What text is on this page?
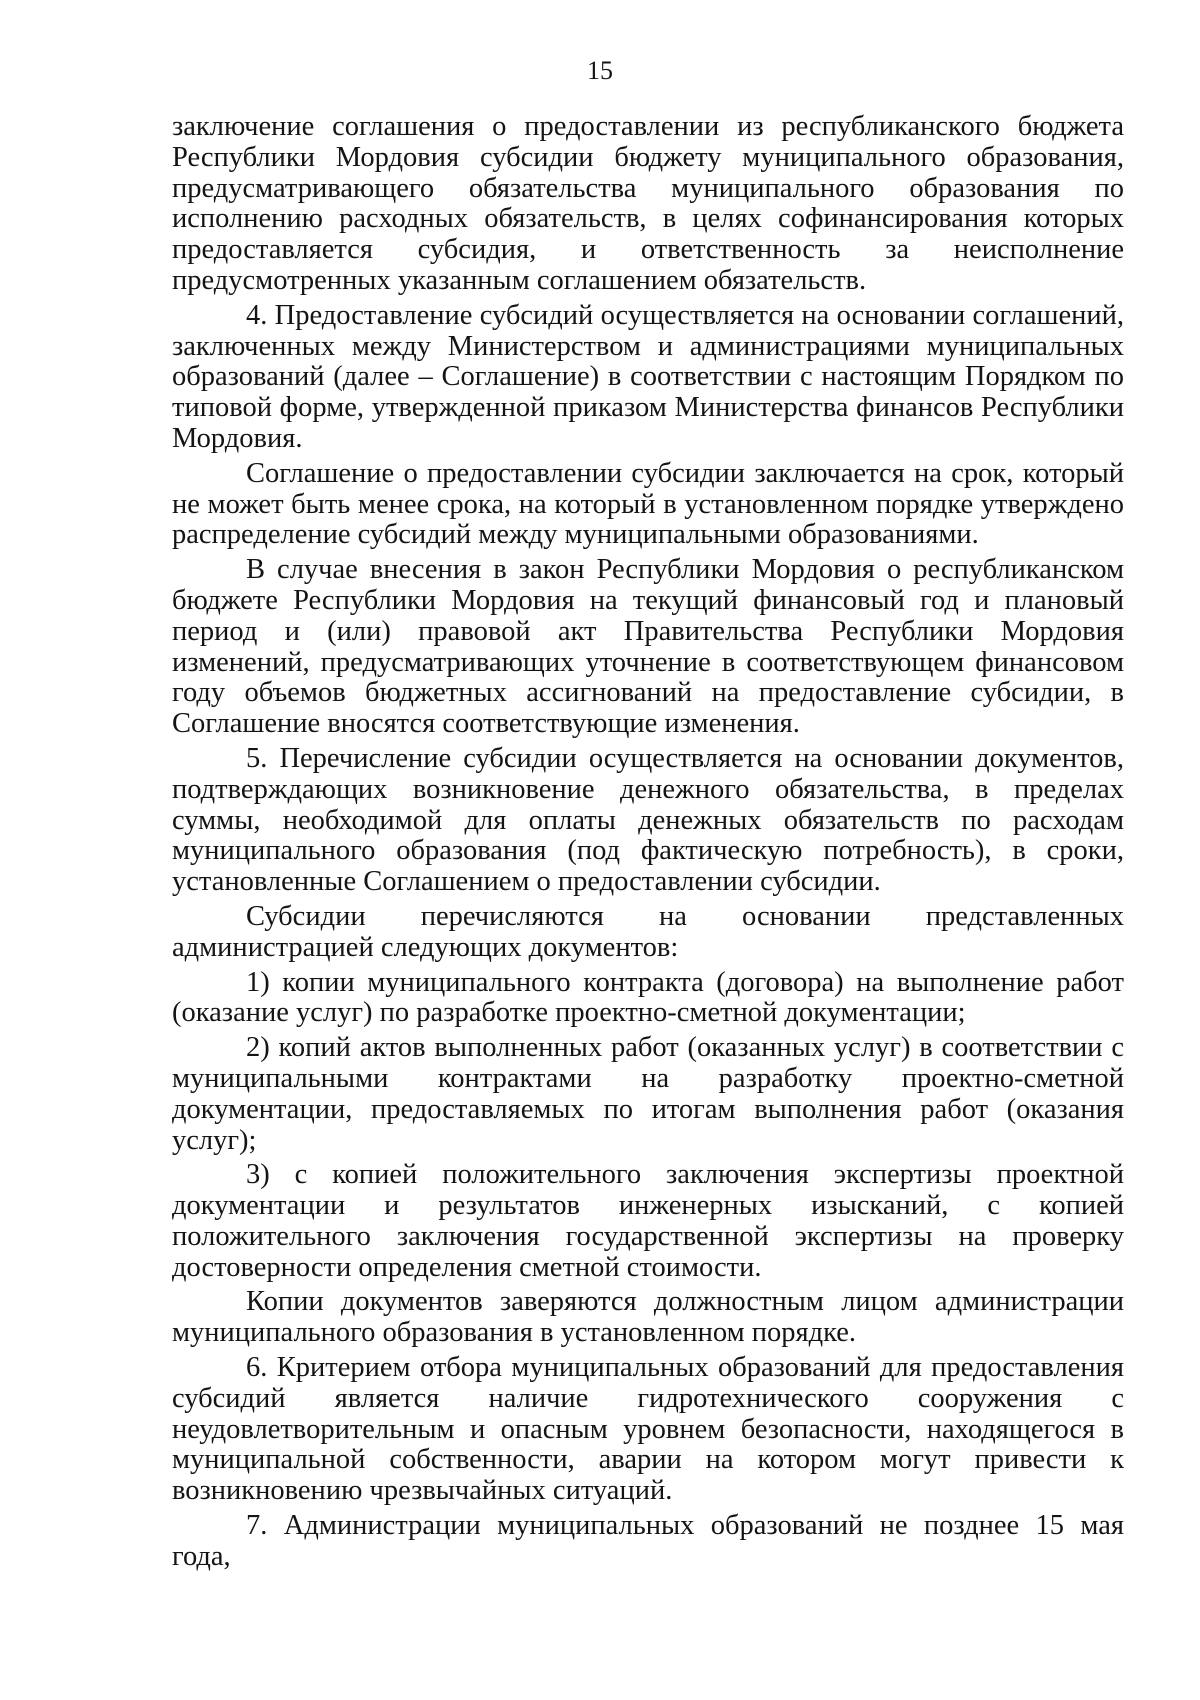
15

заключение соглашения о предоставлении из республиканского бюджета Республики Мордовия субсидии бюджету муниципального образования, предусматривающего обязательства муниципального образования по исполнению расходных обязательств, в целях софинансирования которых предоставляется субсидия, и ответственность за неисполнение предусмотренных указанным соглашением обязательств.

4. Предоставление субсидий осуществляется на основании соглашений, заключенных между Министерством и администрациями муниципальных образований (далее – Соглашение) в соответствии с настоящим Порядком по типовой форме, утвержденной приказом Министерства финансов Республики Мордовия.

Соглашение о предоставлении субсидии заключается на срок, который не может быть менее срока, на который в установленном порядке утверждено распределение субсидий между муниципальными образованиями.

В случае внесения в закон Республики Мордовия о республиканском бюджете Республики Мордовия на текущий финансовый год и плановый период и (или) правовой акт Правительства Республики Мордовия изменений, предусматривающих уточнение в соответствующем финансовом году объемов бюджетных ассигнований на предоставление субсидии, в Соглашение вносятся соответствующие изменения.

5. Перечисление субсидии осуществляется на основании документов, подтверждающих возникновение денежного обязательства, в пределах суммы, необходимой для оплаты денежных обязательств по расходам муниципального образования (под фактическую потребность), в сроки, установленные Соглашением о предоставлении субсидии.

Субсидии перечисляются на основании представленных администрацией следующих документов:

1) копии муниципального контракта (договора) на выполнение работ (оказание услуг) по разработке проектно-сметной документации;

2) копий актов выполненных работ (оказанных услуг) в соответствии с муниципальными контрактами на разработку проектно-сметной документации, предоставляемых по итогам выполнения работ (оказания услуг);

3) с копией положительного заключения экспертизы проектной документации и результатов инженерных изысканий, с копией положительного заключения государственной экспертизы на проверку достоверности определения сметной стоимости.

Копии документов заверяются должностным лицом администрации муниципального образования в установленном порядке.

6. Критерием отбора муниципальных образований для предоставления субсидий является наличие гидротехнического сооружения с неудовлетворительным и опасным уровнем безопасности, находящегося в муниципальной собственности, аварии на котором могут привести к возникновению чрезвычайных ситуаций.

7. Администрации муниципальных образований не позднее 15 мая года,
